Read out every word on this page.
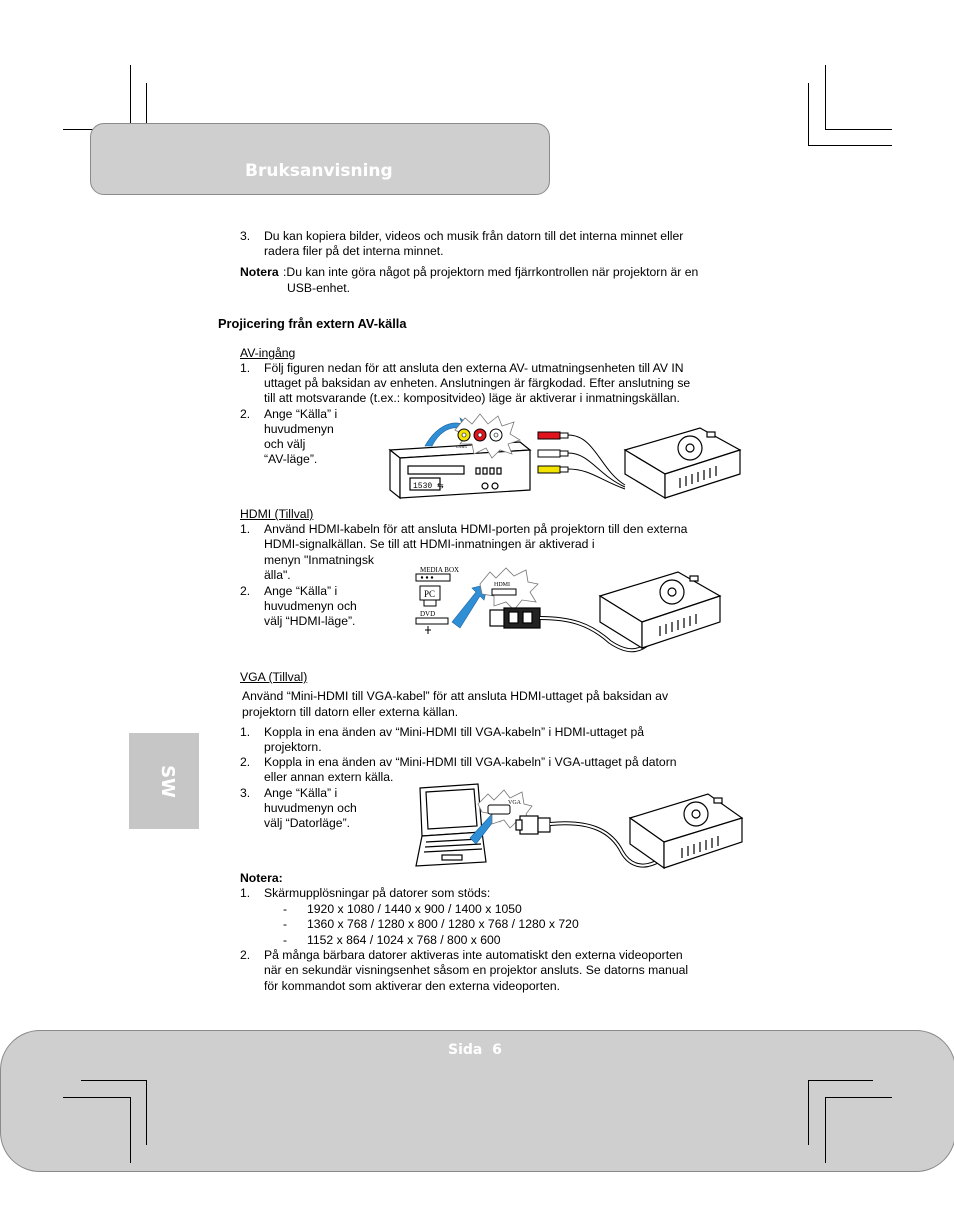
Bruksanvisning
SW
3. Du kan kopiera bilder, videos och musik från datorn till det interna minnet eller
radera filer på det interna minnet.
Notera :Du kan inte göra något på projektorn med fjärrkontrollen när projektorn är en
USB-enhet.
Projicering från extern AV-källa
AV-ingång
1. Följ figuren nedan för att ansluta den externa AV- utmatningsenheten till AV IN
uttaget på baksidan av enheten. Anslutningen är färgkodad. Efter anslutning se
till att motsvarande (t.ex.: kompositvideo) läge är aktiverar i inmatningskällan.
2. Ange “Källa” i
huvudmenyn
och välj
“AV-läge”.
1530 ⇆
CVBS
HDMI (Tillval)
1. Använd HDMI-kabeln för att ansluta HDMI-porten på projektorn till den externa
HDMI-signalkällan. Se till att HDMI-inmatningen är aktiverad i
menyn "Inmatningsk
älla".
2. Ange “Källa” i
huvudmenyn och
välj “HDMI-läge”.
MEDIA BOX
PC
DVD
HDMI
VGA (Tillval)
Använd “Mini-HDMI till VGA-kabel” för att ansluta HDMI-uttaget på baksidan av
projektorn till datorn eller externa källan.
1. Koppla in ena änden av “Mini-HDMI till VGA-kabeln” i HDMI-uttaget på
projektorn.
2. Koppla in ena änden av “Mini-HDMI till VGA-kabeln” i VGA-uttaget på datorn
eller annan extern källa.
3. Ange “Källa” i
huvudmenyn och
välj “Datorläge”.
VGA
Notera:
1. Skärmupplösningar på datorer som stöds:
- 1920 x 1080 / 1440 x 900 / 1400 x 1050
- 1360 x 768 / 1280 x 800 / 1280 x 768 / 1280 x 720
- 1152 x 864 / 1024 x 768 / 800 x 600
2. På många bärbara datorer aktiveras inte automatiskt den externa videoporten
när en sekundär visningsenhet såsom en projektor ansluts. Se datorns manual
för kommandot som aktiverar den externa videoporten.
Sida  6
